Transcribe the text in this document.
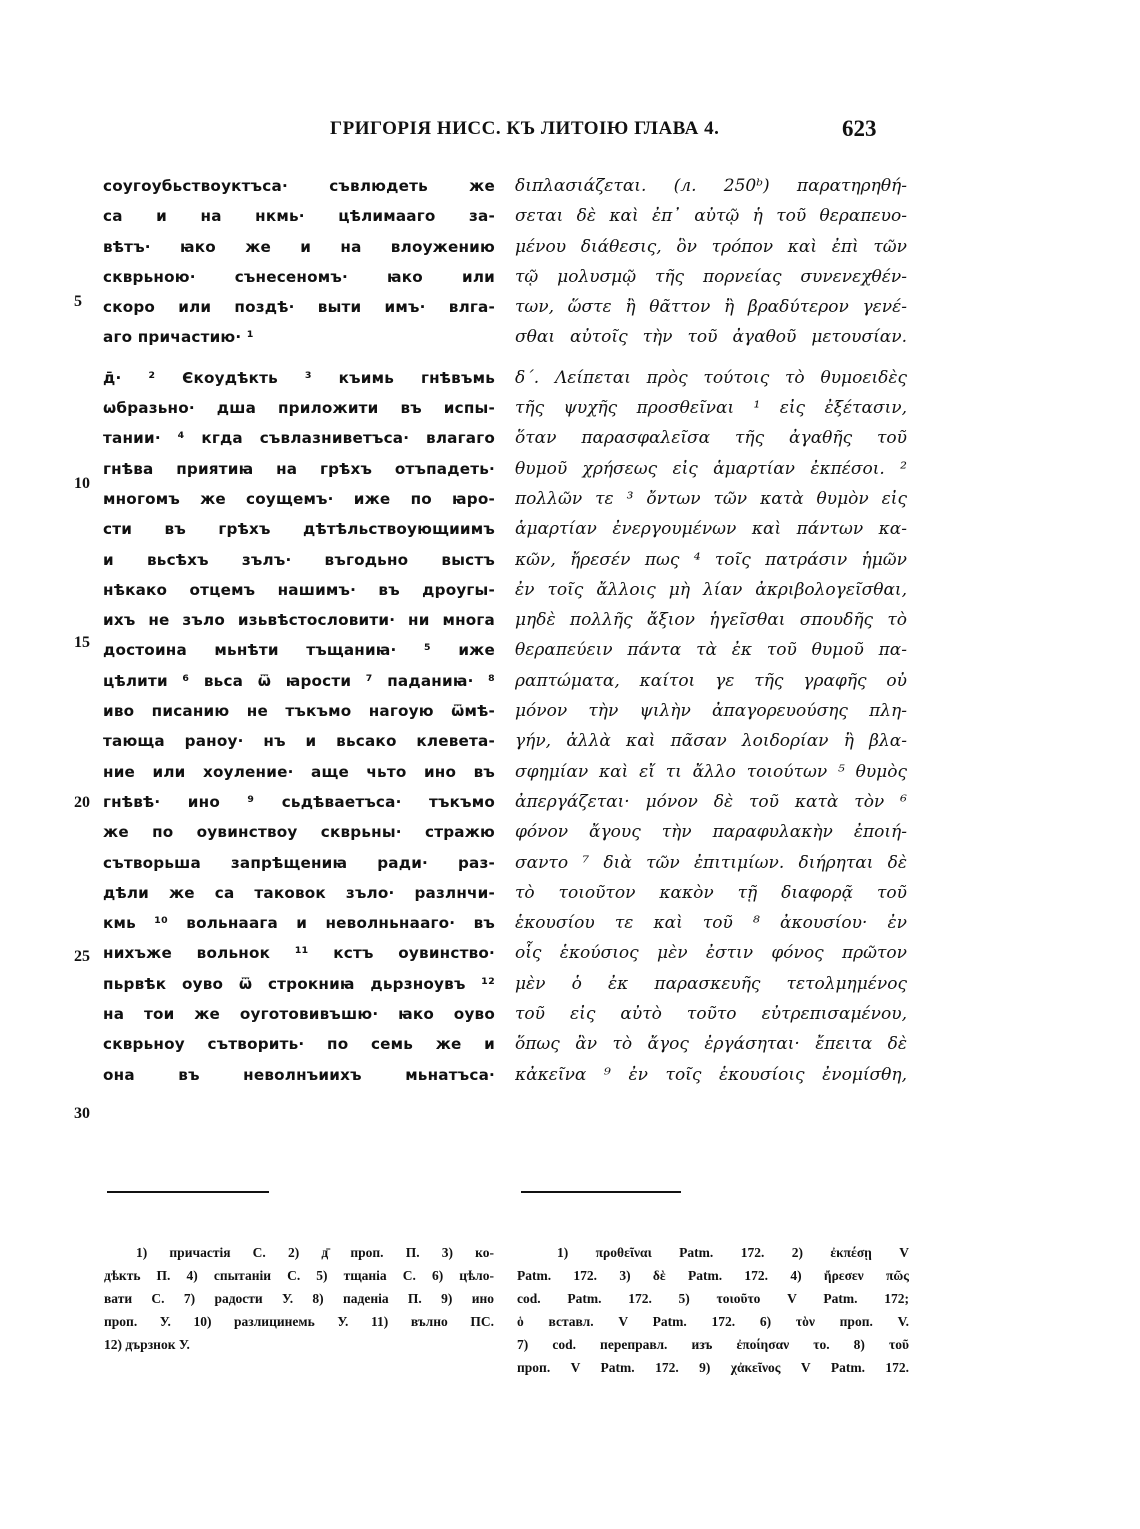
ГРИГОРІЯ НИСС. КЪ ЛИТОІЮ ГЛАВА 4.	623
5
10
15
20
25
30
соугоубьствоуктъса· съвлюдеть же
са и на нкмь· цѣлимааго за-
вѣтъ· ꙗко же и на влоужению
скврьною· сънесеномъ· ꙗко или
скоро или поздѣ· выти имъ· влга-
аго причастию· ¹
д̄· ² Єкоудѣкть ³ къимь гнѣвъмь
ωбразьно· дша приложити въ испы-
тании· ⁴ кгда съвлазниветъса· влагаго
гнѣва приятиꙗ на грѣхъ отъпадеть·
многомъ же соущемъ· иже по ꙗро-
сти въ грѣхъ дѣтѣльствоующиимъ
и вьсѣхъ зълъ· въгодьно выстъ
нѣкако отцемъ нашимъ· въ дроугы-
ихъ не зъло изьвѣстословити· ни многа
достоина мьнѣти тъщаниꙗ· ⁵ иже
цѣлити ⁶ вьса ѿ ꙗрости ⁷ паданиꙗ· ⁸
иво писанию не тъкъмо нагоую ѿмѣ-
тающа раноу· нъ и вьсако клевета-
ние или хоуление· аще чьто ино въ
гнѣвѣ· ино ⁹ сьдѣваетъса· тъкъмо
же по оувинствоу скврьны· стражю
сътворьша запрѣщениꙗ ради· раз-
дѣли же са таковок зъло· разлнчи-
кмь ¹⁰ вольнаага и неволньнааго· въ
нихъже вольнок ¹¹ кстъ оувинство·
пьрвѣк оуво ѿ строкниꙗ дьрзноувъ ¹²
на тои же оуготовивъшю· ꙗко оуво
скврьноу сътворить· по семь же и
она въ неволнъиихъ мьнатъса·
διπλασιάζεται. (л. 250ᵇ) παρατηρηθή-
σεται δὲ καὶ ἐπ᾽ αὐτῷ ἡ τοῦ θεραπευο-
μένου διάθεσις, ὃν τρόπον καὶ ἐπὶ τῶν
τῷ μολυσμῷ τῆς πορνείας συνενεχθέν-
των, ὥστε ἢ θᾶττον ἢ βραδύτερον γενέ-
σθαι αὐτοῖς τὴν τοῦ ἀγαθοῦ μετουσίαν.
δ΄. Λείπεται πρὸς τούτοις τὸ θυμοειδὲς
τῆς ψυχῆς προσθεῖναι ¹ εἰς ἐξέτασιν,
ὅταν παρασφαλεῖσα τῆς ἀγαθῆς τοῦ
θυμοῦ χρήσεως εἰς ἁμαρτίαν ἐκπέσοι. ²
πολλῶν τε ³ ὄντων τῶν κατὰ θυμὸν εἰς
ἁμαρτίαν ἐνεργουμένων καὶ πάντων κα-
κῶν, ἤρεσέν πως ⁴ τοῖς πατράσιν ἡμῶν
ἐν τοῖς ἄλλοις μὴ λίαν ἀκριβολογεῖσθαι,
μηδὲ πολλῆς ἄξιον ἡγεῖσθαι σπουδῆς τὸ
θεραπεύειν πάντα τὰ ἐκ τοῦ θυμοῦ πα-
ραπτώματα, καίτοι γε τῆς γραφῆς οὐ
μόνον τὴν ψιλὴν ἀπαγορευούσης πλη-
γήν, ἀλλὰ καὶ πᾶσαν λοιδορίαν ἢ βλα-
σφημίαν καὶ εἴ τι ἄλλο τοιούτων ⁵ θυμὸς
ἀπεργάζεται· μόνον δὲ τοῦ κατὰ τὸν ⁶
φόνον ἄγους τὴν παραφυλακὴν ἐποιή-
σαντο ⁷ διὰ τῶν ἐπιτιμίων. διήρηται δὲ
τὸ τοιοῦτον κακὸν τῇ διαφορᾷ τοῦ
ἑκουσίου τε καὶ τοῦ ⁸ ἀκουσίου· ἐν
οἷς ἑκούσιος μὲν ἐστιν φόνος πρῶτον
μὲν ὁ ἐκ παρασκευῆς τετολμημένος
τοῦ εἰς αὐτὸ τοῦτο εὐτρεπισαμένου,
ὅπως ἂν τὸ ἄγος ἐργάσηται· ἔπειτα δὲ
κἀκεῖνα ⁹ ἐν τοῖς ἑκουσίοις ἐνομίσθη,
1) причастія С. 2) д̄ проп. П. 3) ко-
дѣкть П. 4) спытаніи С. 5) тщаніа С. 6) цѣло-
вати С. 7) радости У. 8) паденіа П. 9) ино
проп. У. 10) разлицинемь У. 11) вълно ПС.
12) дързнок У.
1) προθεῖναι Patm. 172. 2) ἐκπέσῃ V
Patm. 172. 3) δὲ Patm. 172. 4) ἤρεσεν πῶς
cod. Patm. 172. 5) τοιοῦτο V Patm. 172;
ὁ вставл. V Patm. 172. 6) τὸν проп. V.
7) cod. переправл. изъ ἐποίησαν το. 8) τοῦ
проп. V Patm. 172. 9) χἀκεῖνος V Patm. 172.
